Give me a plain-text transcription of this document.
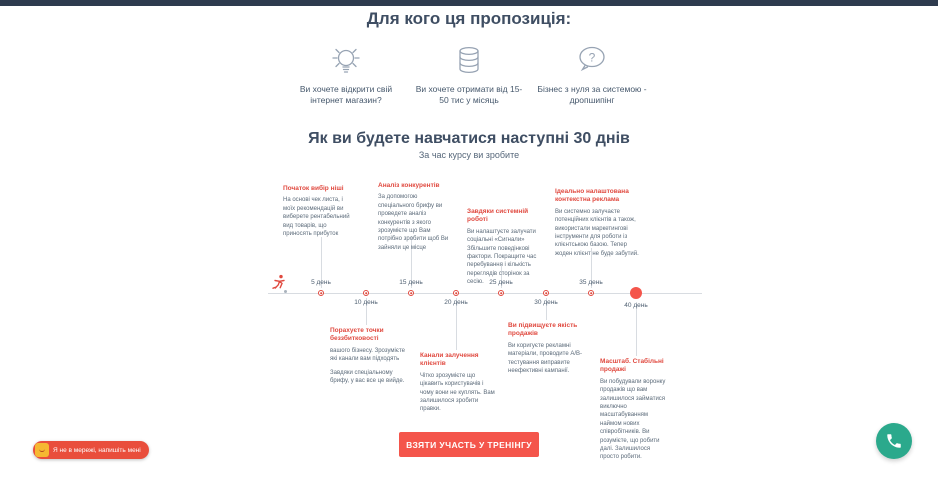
Для кого ця пропозиція:
Ви хочете відкрити свій інтернет магазин?
Ви хочете отримати від 15-50 тис у місяць
?
Бізнес з нуля за системою - дропшипінг
Як ви будете навчатися наступні 30 днів
За час курсу ви зробите
5 день
10 день
15 день
20 день
25 день
30 день
35 день
40 день
Початок вибір ніші
На основі чек листа, і моїх рекомендацій ви виберете рентабельний вид товарів, що приносять прибуток
Аналіз конкурентів
За допомогою спеціального брифу ви проведете аналіз конкурентів з якого зрозумієте що Вам потрібно зробити щоб Ви зайняли це місце
Завдяки системній роботі
Ви налаштуєте залучати соціальні «Сигнали» Збільшите поведінкові фактори. Покращите час перебування і кількість переглядів сторінок за сесію.
Ідеально налаштована контекстна реклама
Ви системно залучаєте потенційних клієнтів а також, використали маркетингові інструменти для роботи із клієнтською базою. Тепер жоден клієнт не буде забутий.
Порахуєте точки беззбитковості
вашого бізнесу. Зрозумієте які канали вам підходять
Завдяки спеціальному брифу, у вас все це вийде.
Канали залучення клієнтів
Чітко зрозумієте що цікавить користувачів і чому вони не куплять. Вам залишилося зробити правки.
Ви підвищуєте якість продажів
Ви коригуєте рекламні матеріали, проводите А/В-тестування виправите неефективні кампанії.
Масштаб. Стабільні продажі
Ви побудували воронку продажів що вам залишилося займатися виключно масштабуванням наймом нових співробітників. Ви розумієте, що робити далі. Залишилося просто робити.
ВЗЯТИ УЧАСТЬ У ТРЕНІНГУ
Я не в мережі, напишіть мені
